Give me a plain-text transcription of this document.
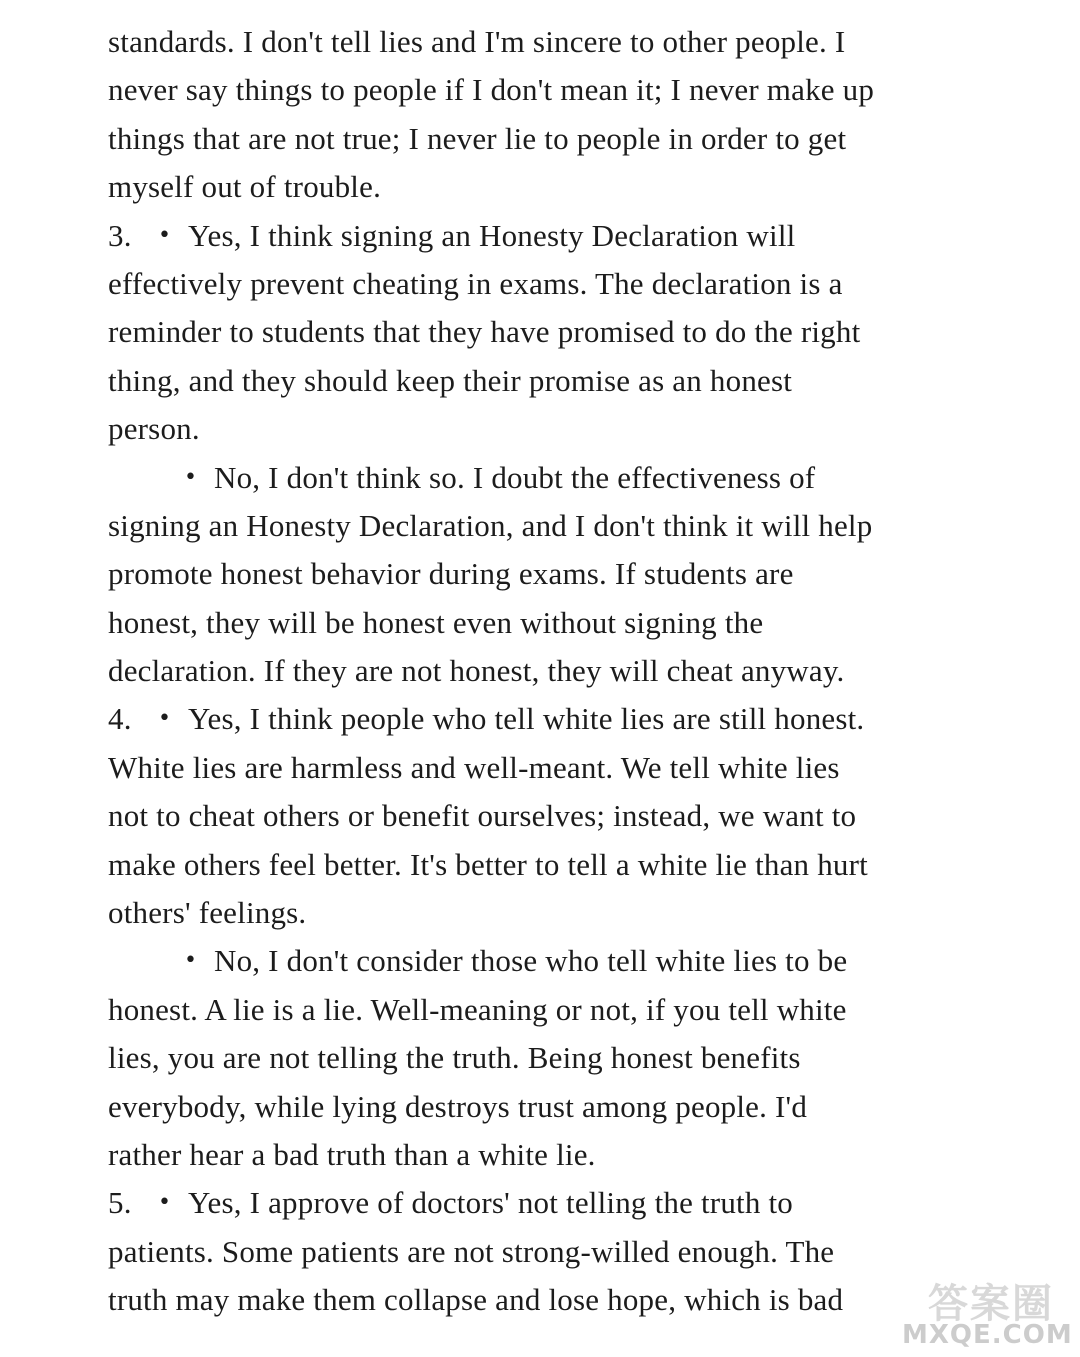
standards. I don't tell lies and I'm sincere to other people. I
never say things to people if I don't mean it; I never make up
things that are not true; I never lie to people in order to get
myself out of trouble.
3. • Yes, I think signing an Honesty Declaration will
effectively prevent cheating in exams. The declaration is a
reminder to students that they have promised to do the right
thing, and they should keep their promise as an honest
person.
• No, I don't think so. I doubt the effectiveness of
signing an Honesty Declaration, and I don't think it will help
promote honest behavior during exams. If students are
honest, they will be honest even without signing the
declaration. If they are not honest, they will cheat anyway.
4. • Yes, I think people who tell white lies are still honest.
White lies are harmless and well-meant. We tell white lies
not to cheat others or benefit ourselves; instead, we want to
make others feel better. It's better to tell a white lie than hurt
others' feelings.
• No, I don't consider those who tell white lies to be
honest. A lie is a lie. Well-meaning or not, if you tell white
lies, you are not telling the truth. Being honest benefits
everybody, while lying destroys trust among people. I'd
rather hear a bad truth than a white lie.
5. • Yes, I approve of doctors' not telling the truth to
patients. Some patients are not strong-willed enough. The
truth may make them collapse and lose hope, which is bad	答案圈
MXQE.COM
